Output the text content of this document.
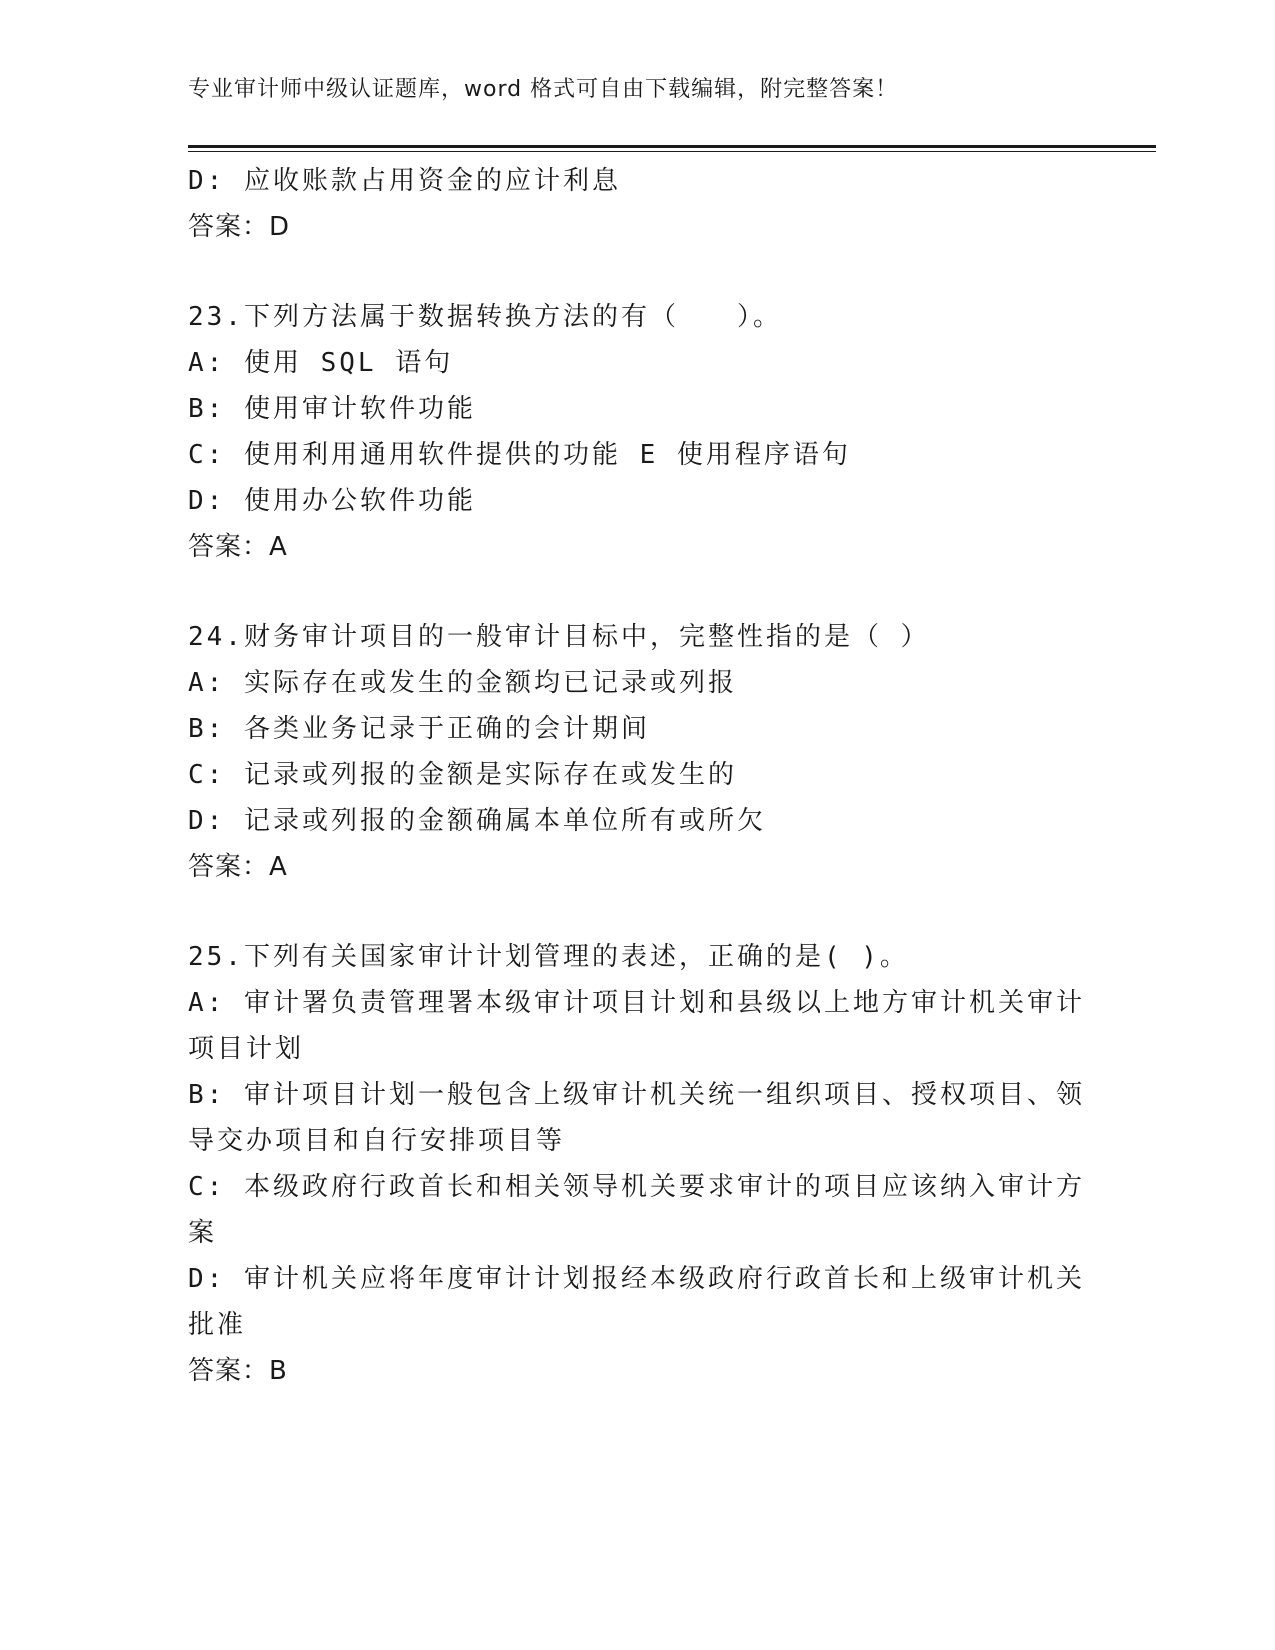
专业审计师中级认证题库，word 格式可自由下载编辑，附完整答案！
D: 应收账款占用资金的应计利息
答案：D
23.下列方法属于数据转换方法的有（　　）。
A: 使用 SQL 语句
B: 使用审计软件功能
C: 使用利用通用软件提供的功能 E 使用程序语句
D: 使用办公软件功能
答案：A
24.财务审计项目的一般审计目标中，完整性指的是（ ）
A: 实际存在或发生的金额均已记录或列报
B: 各类业务记录于正确的会计期间
C: 记录或列报的金额是实际存在或发生的
D: 记录或列报的金额确属本单位所有或所欠
答案：A
25.下列有关国家审计计划管理的表述，正确的是( )。
A: 审计署负责管理署本级审计项目计划和县级以上地方审计机关审计
项目计划
B: 审计项目计划一般包含上级审计机关统一组织项目、授权项目、领
导交办项目和自行安排项目等
C: 本级政府行政首长和相关领导机关要求审计的项目应该纳入审计方
案
D: 审计机关应将年度审计计划报经本级政府行政首长和上级审计机关
批准
答案：B
